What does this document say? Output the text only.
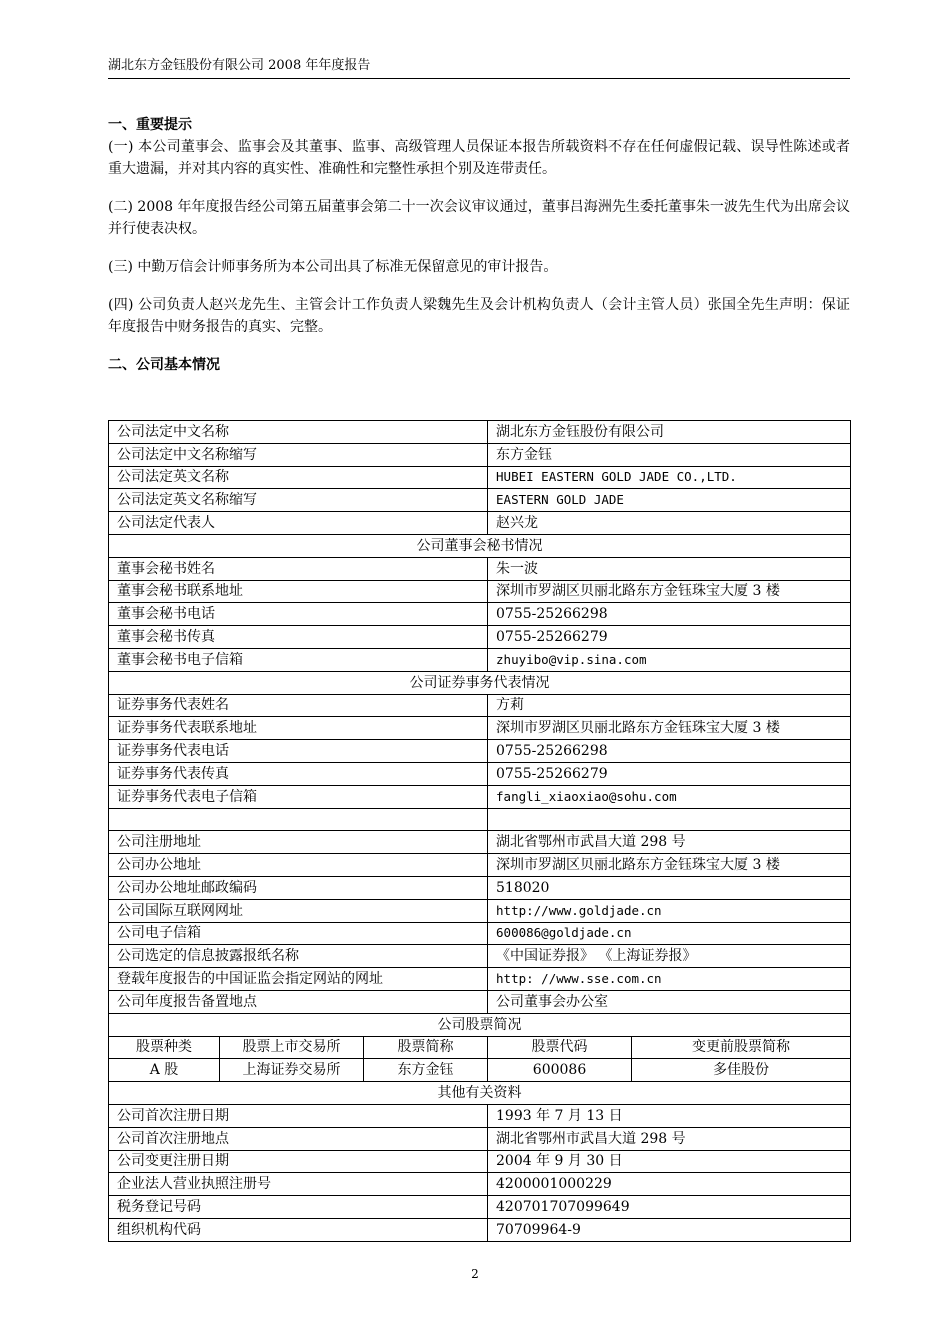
湖北东方金钰股份有限公司 2008 年年度报告

一、重要提示

(一) 本公司董事会、监事会及其董事、监事、高级管理人员保证本报告所载资料不存在任何虚假记载、误导性陈述或者重大遗漏，并对其内容的真实性、准确性和完整性承担个别及连带责任。

(二) 2008 年年度报告经公司第五届董事会第二十一次会议审议通过，董事吕海洲先生委托董事朱一波先生代为出席会议并行使表决权。

(三) 中勤万信会计师事务所为本公司出具了标准无保留意见的审计报告。

(四) 公司负责人赵兴龙先生、主管会计工作负责人梁魏先生及会计机构负责人（会计主管人员）张国全先生声明：保证年度报告中财务报告的真实、完整。

二、公司基本情况

公司法定中文名称			湖北东方金钰股份有限公司	
公司法定中文名称缩写			东方金钰	
公司法定英文名称			HUBEI EASTERN GOLD JADE CO.,LTD.	
公司法定英文名称缩写			EASTERN GOLD JADE	
公司法定代表人			赵兴龙	
公司董事会秘书情况				
董事会秘书姓名			朱一波	
董事会秘书联系地址			深圳市罗湖区贝丽北路东方金钰珠宝大厦 3 楼	
董事会秘书电话			0755-25266298	
董事会秘书传真			0755-25266279	
董事会秘书电子信箱			zhuyibo@vip.sina.com	
公司证券事务代表情况				
证券事务代表姓名			方莉	
证券事务代表联系地址			深圳市罗湖区贝丽北路东方金钰珠宝大厦 3 楼	
证券事务代表电话			0755-25266298	
证券事务代表传真			0755-25266279	
证券事务代表电子信箱			fangli_xiaoxiao@sohu.com	

公司注册地址			湖北省鄂州市武昌大道 298 号	
公司办公地址			深圳市罗湖区贝丽北路东方金钰珠宝大厦 3 楼	
公司办公地址邮政编码			518020	
公司国际互联网网址			http://www.goldjade.cn	
公司电子信箱			600086@goldjade.cn	
公司选定的信息披露报纸名称			《中国证券报》 《上海证券报》	
登载年度报告的中国证监会指定网站的网址			http: //www.sse.com.cn	
公司年度报告备置地点			公司董事会办公室	
公司股票简况				
股票种类	股票上市交易所	股票简称	股票代码	变更前股票简称
A 股	上海证券交易所	东方金钰	600086	多佳股份
其他有关资料				
公司首次注册日期			1993 年 7 月 13 日	
公司首次注册地点			湖北省鄂州市武昌大道 298 号	
公司变更注册日期			2004 年 9 月 30 日	
企业法人营业执照注册号			4200001000229	
税务登记号码			420701707099649	
组织机构代码			70709964-9	
2
